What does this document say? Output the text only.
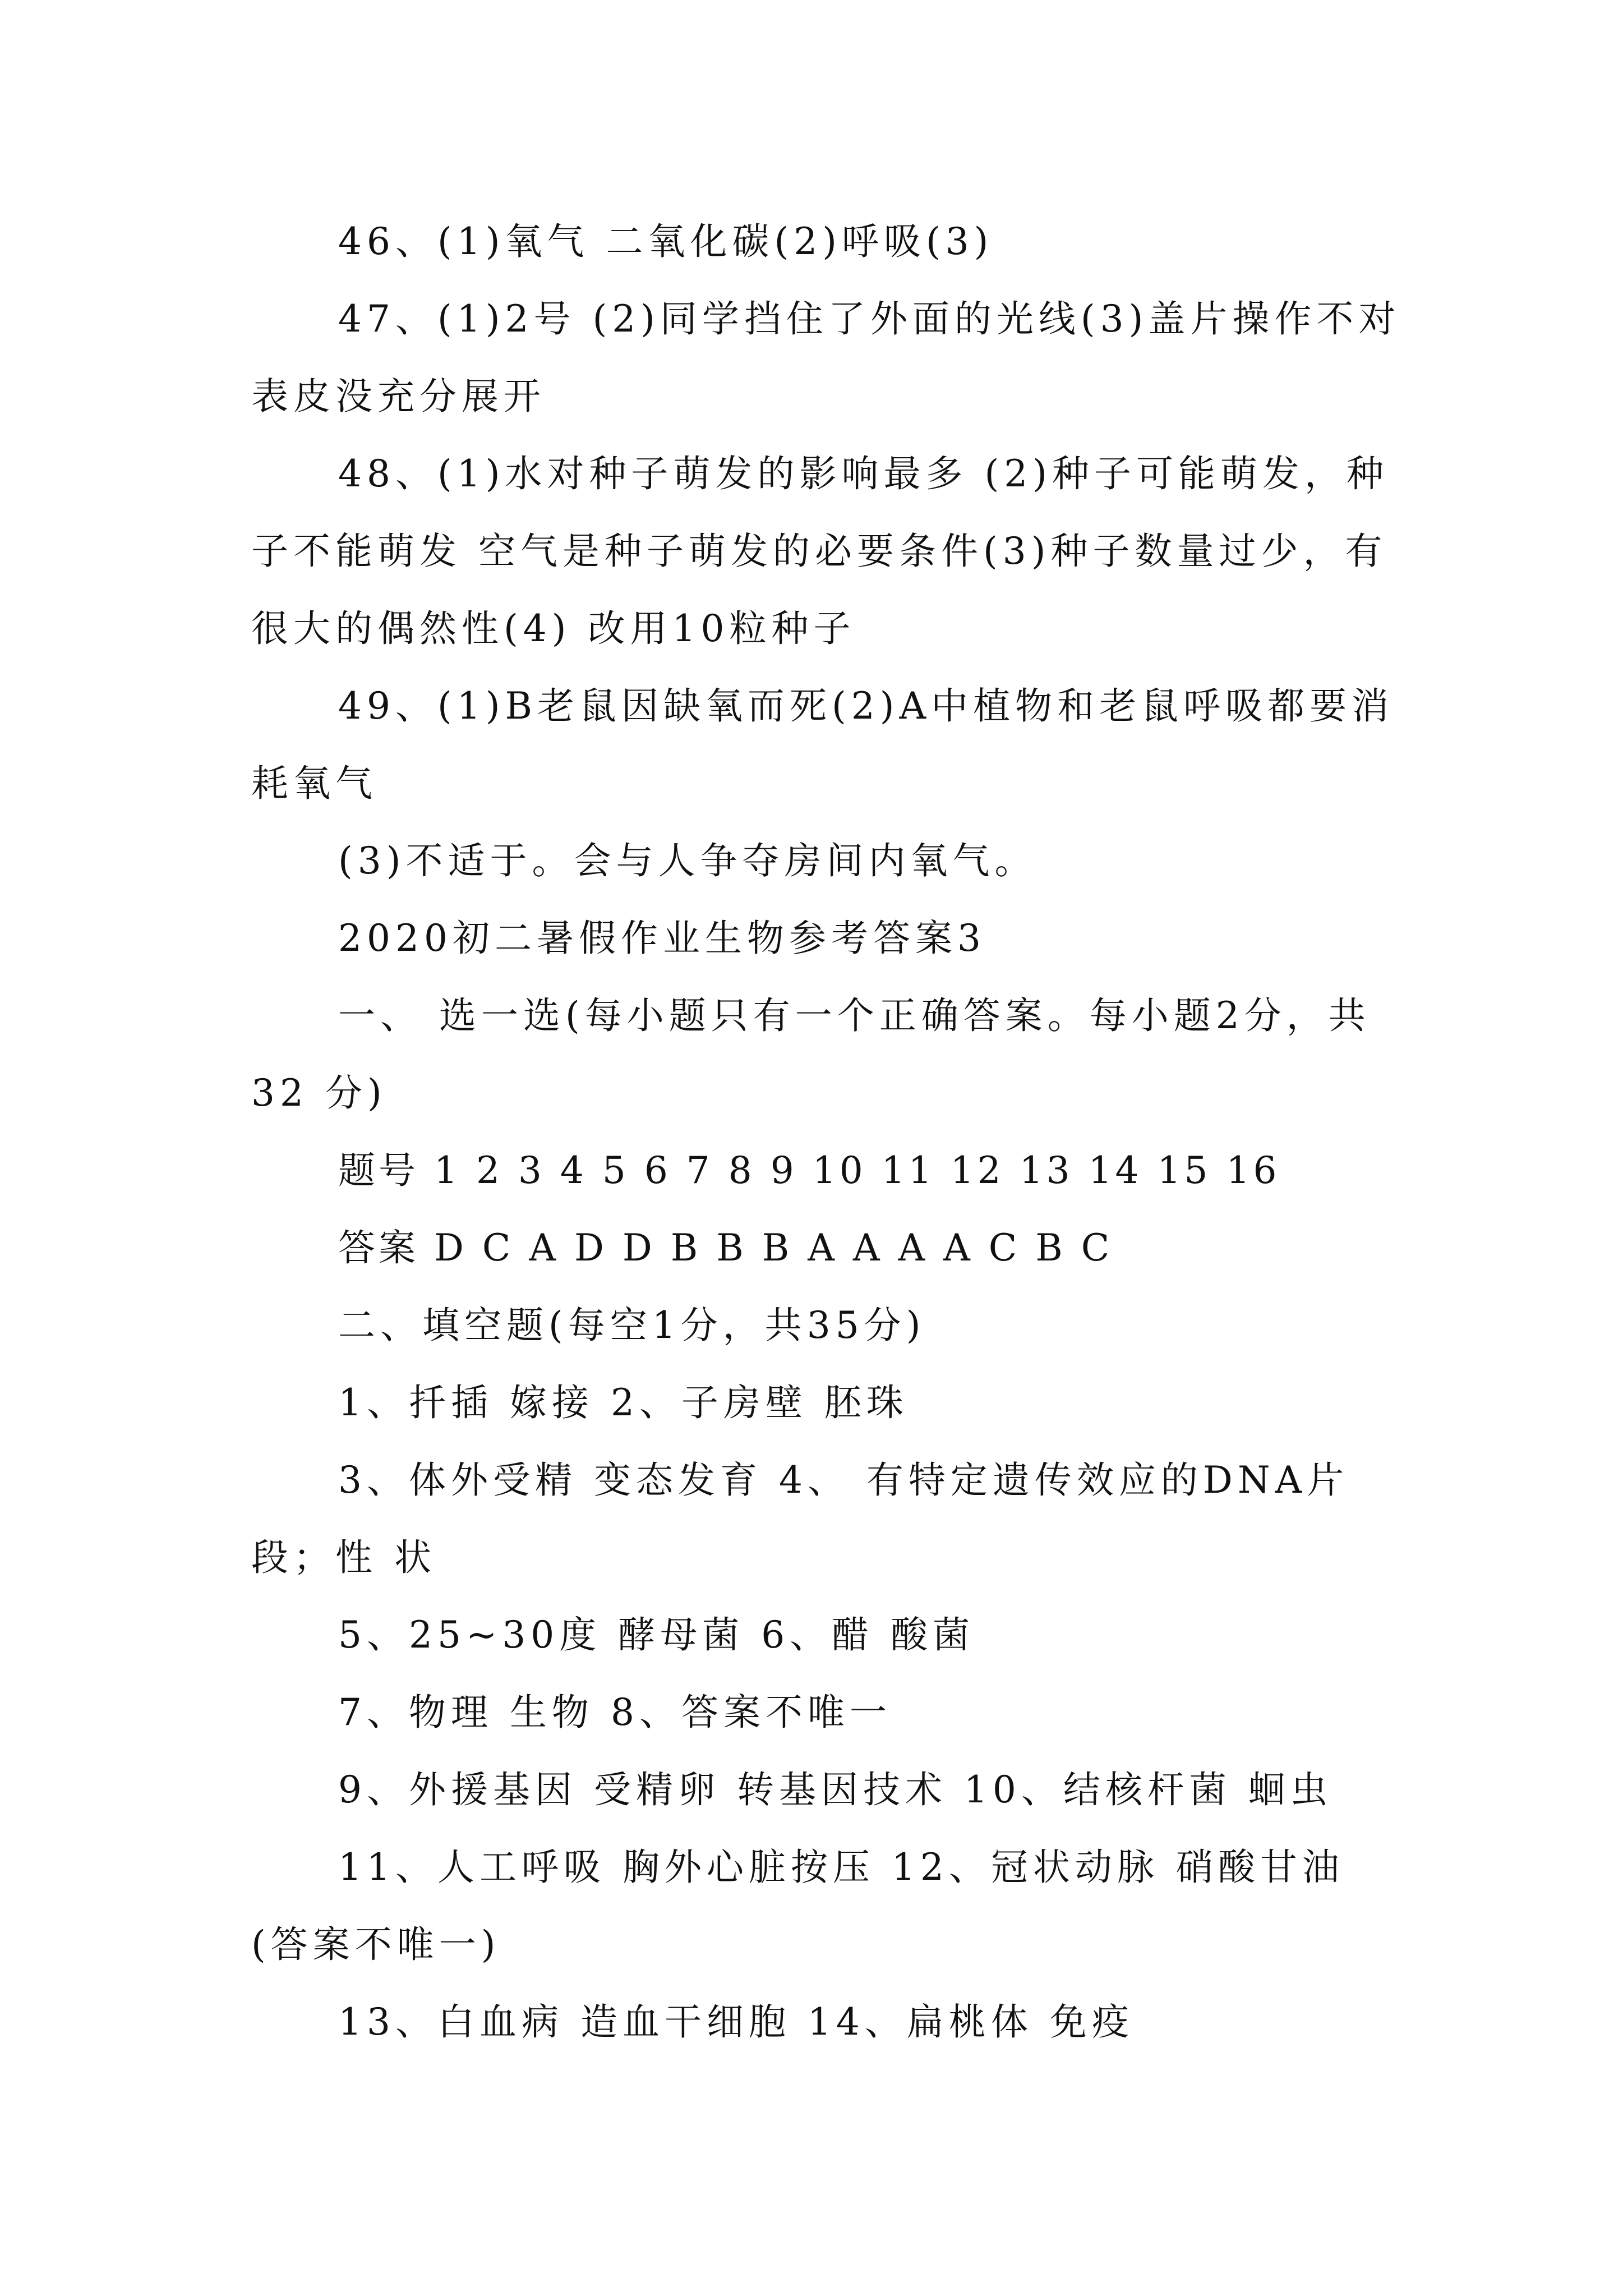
46、(1)氧气 二氧化碳(2)呼吸(3)

47、(1)2号 (2)同学挡住了外面的光线(3)盖片操作不对 表皮没充分展开

48、(1)水对种子萌发的影响最多 (2)种子可能萌发，种子不能萌发 空气是种子萌发的必要条件(3)种子数量过少，有很大的偶然性(4) 改用10粒种子

49、(1)B老鼠因缺氧而死(2)A中植物和老鼠呼吸都要消耗氧气

(3)不适于。会与人争夺房间内氧气。

2020初二暑假作业生物参考答案3

一、 选一选(每小题只有一个正确答案。每小题2分，共32 分)

题号 1 2 3 4 5 6 7 8 9 10 11 12 13 14 15 16

答案 D C A D D B B B A A A A C B C

二、填空题(每空1分，共35分)

1、扦插 嫁接 2、子房壁 胚珠

3、体外受精 变态发育 4、 有特定遗传效应的DNA片段；性 状

5、25~30度 酵母菌 6、醋 酸菌

7、物理 生物 8、答案不唯一

9、外援基因 受精卵 转基因技术 10、结核杆菌 蛔虫

11、人工呼吸 胸外心脏按压 12、冠状动脉 硝酸甘油(答案不唯一)

13、白血病 造血干细胞 14、扁桃体 免疫
